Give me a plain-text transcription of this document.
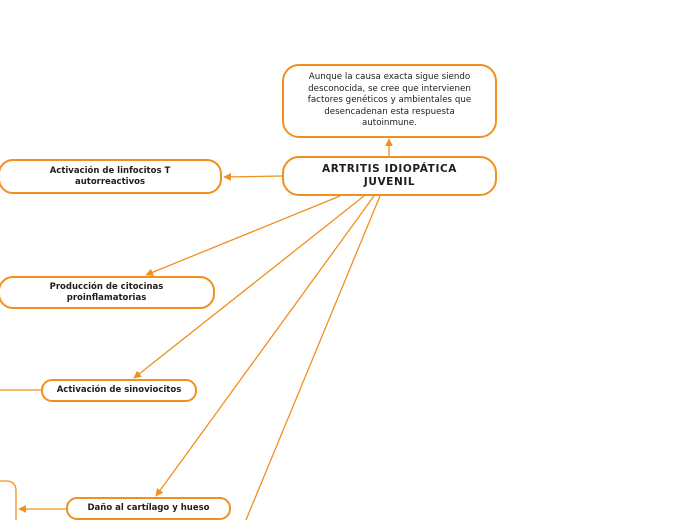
ARTRITIS IDIOPÁTICA JUVENIL
Aunque la causa exacta sigue siendo desconocida, se cree que intervienen factores genéticos y ambientales que desencadenan esta respuesta autoinmune.
Activación de linfocitos T autorreactivos
Producción de citocinas proinflamatorias
Activación de sinoviocitos
Daño al cartílago y hueso
